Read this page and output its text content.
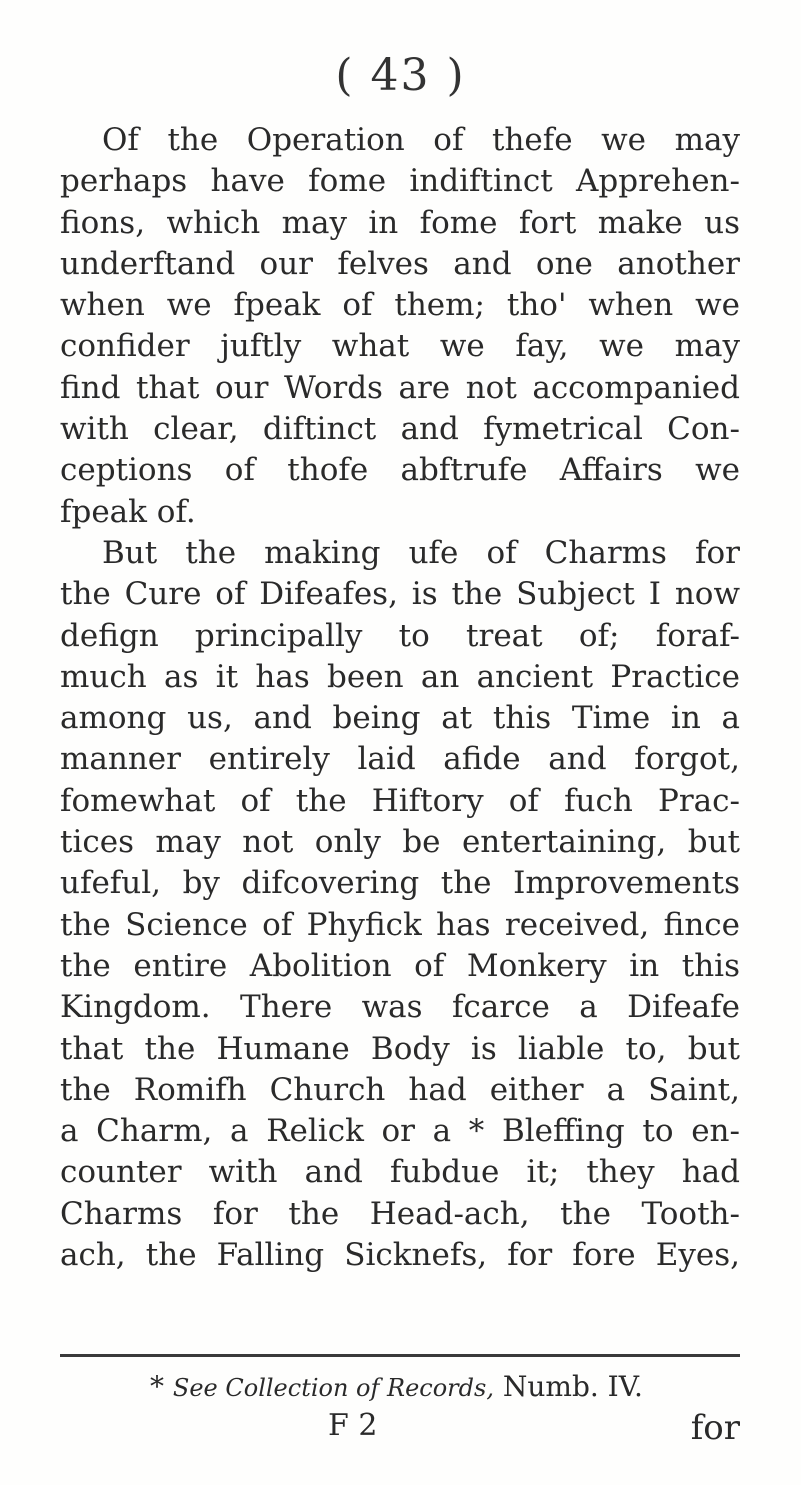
( 43 )
Of the Operation of thefe we may
perhaps have fome indiftinct Apprehen-
fions, which may in fome fort make us
underftand our felves and one another
when we fpeak of them; tho' when we
confider juftly what we fay, we may
find that our Words are not accompanied
with clear, diftinct and fymetrical Con-
ceptions of thofe abftrufe Affairs we
fpeak of.
But the making ufe of Charms for
the Cure of Difeafes, is the Subject I now
defign principally to treat of; foraf-
much as it has been an ancient Practice
among us, and being at this Time in a
manner entirely laid afide and forgot,
fomewhat of the Hiftory of fuch Prac-
tices may not only be entertaining, but
ufeful, by difcovering the Improvements
the Science of Phyfick has received, fince
the entire Abolition of Monkery in this
Kingdom. There was fcarce a Difeafe
that the Humane Body is liable to, but
the Romifh Church had either a Saint,
a Charm, a Relick or a * Bleffing to en-
counter with and fubdue it; they had
Charms for the Head-ach, the Tooth-
ach, the Falling Sicknefs, for fore Eyes,
* See Collection of Records, Numb. IV.
F 2	for
